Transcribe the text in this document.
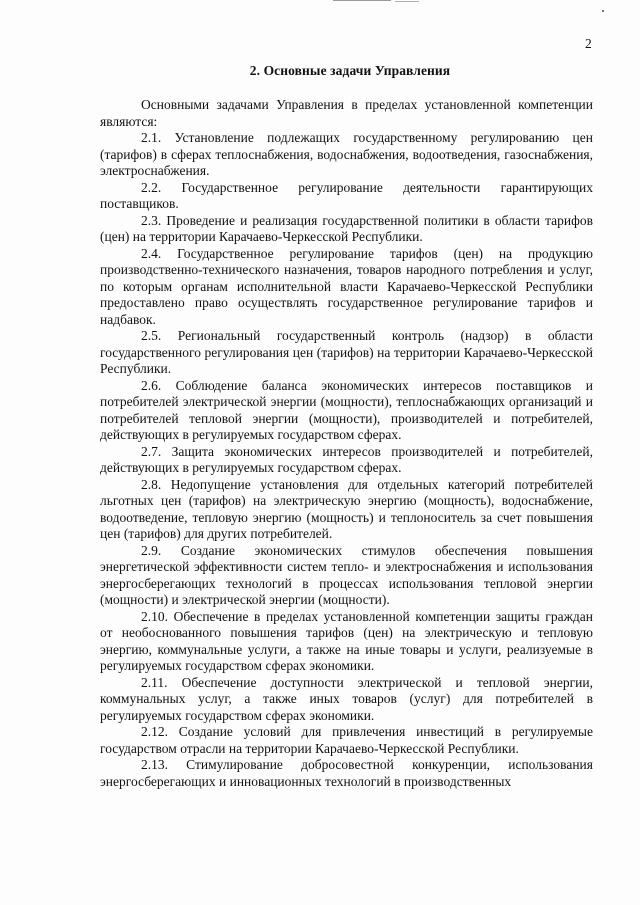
2
2. Основные задачи Управления

Основными задачами Управления в пределах установленной компетенции являются:

2.1. Установление подлежащих государственному регулированию цен (тарифов) в сферах теплоснабжения, водоснабжения, водоотведения, газоснабжения, электроснабжения.

2.2. Государственное регулирование деятельности гарантирующих поставщиков.

2.3. Проведение и реализация государственной политики в области тарифов (цен) на территории Карачаево-Черкесской Республики.

2.4. Государственное регулирование тарифов (цен) на продукцию производственно-технического назначения, товаров народного потребления и услуг, по которым органам исполнительной власти Карачаево-Черкесской Республики предоставлено право осуществлять государственное регулирование тарифов и надбавок.

2.5. Региональный государственный контроль (надзор) в области государственного регулирования цен (тарифов) на территории Карачаево-Черкесской Республики.

2.6. Соблюдение баланса экономических интересов поставщиков и потребителей электрической энергии (мощности), теплоснабжающих организаций и потребителей тепловой энергии (мощности), производителей и потребителей, действующих в регулируемых государством сферах.

2.7. Защита экономических интересов производителей и потребителей, действующих в регулируемых государством сферах.

2.8. Недопущение установления для отдельных категорий потребителей льготных цен (тарифов) на электрическую энергию (мощность), водоснабжение, водоотведение, тепловую энергию (мощность) и теплоноситель за счет повышения цен (тарифов) для других потребителей.

2.9. Создание экономических стимулов обеспечения повышения энергетической эффективности систем тепло- и электроснабжения и использования энергосберегающих технологий в процессах использования тепловой энергии (мощности) и электрической энергии (мощности).

2.10. Обеспечение в пределах установленной компетенции защиты граждан от необоснованного повышения тарифов (цен) на электрическую и тепловую энергию, коммунальные услуги, а также на иные товары и услуги, реализуемые в регулируемых государством сферах экономики.

2.11. Обеспечение доступности электрической и тепловой энергии, коммунальных услуг, а также иных товаров (услуг) для потребителей в регулируемых государством сферах экономики.

2.12. Создание условий для привлечения инвестиций в регулируемые государством отрасли на территории Карачаево-Черкесской Республики.

2.13. Стимулирование добросовестной конкуренции, использования энергосберегающих и инновационных технологий в производственных
